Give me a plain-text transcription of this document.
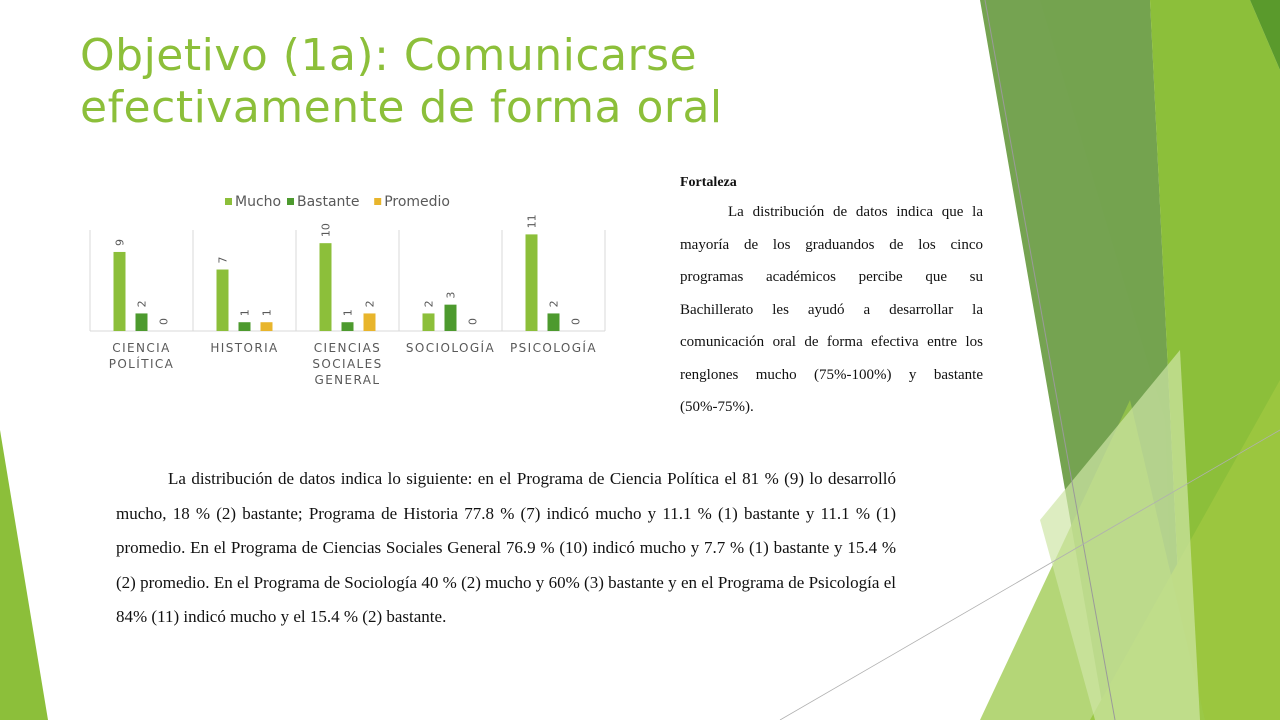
Objetivo (1a): Comunicarse efectivamente de forma oral
Mucho Bastante Promedio
9
2
0
CIENCIA
POLÍTICA
7
1 1
HISTORIA
10
1
2
CIENCIAS
SOCIALES
GENERAL
2
3
0
SOCIOLOGÍA
11
2
0
PSICOLOGÍA
Fortaleza

La distribución de datos indica que la mayoría de los graduandos de los cinco programas académicos percibe que su Bachillerato les ayudó a desarrollar la comunicación oral de forma efectiva entre los renglones mucho (75%-100%) y bastante (50%-75%).

La distribución de datos indica lo siguiente: en el Programa de Ciencia Política el 81 % (9) lo desarrolló mucho, 18 % (2) bastante; Programa de Historia 77.8 % (7) indicó mucho y 11.1 % (1) bastante y 11.1 % (1) promedio. En el Programa de Ciencias Sociales General 76.9 % (10) indicó mucho y 7.7 % (1) bastante y 15.4 % (2) promedio. En el Programa de Sociología 40 % (2) mucho y 60% (3) bastante y en el Programa de Psicología el 84% (11) indicó mucho y el 15.4 % (2) bastante.
